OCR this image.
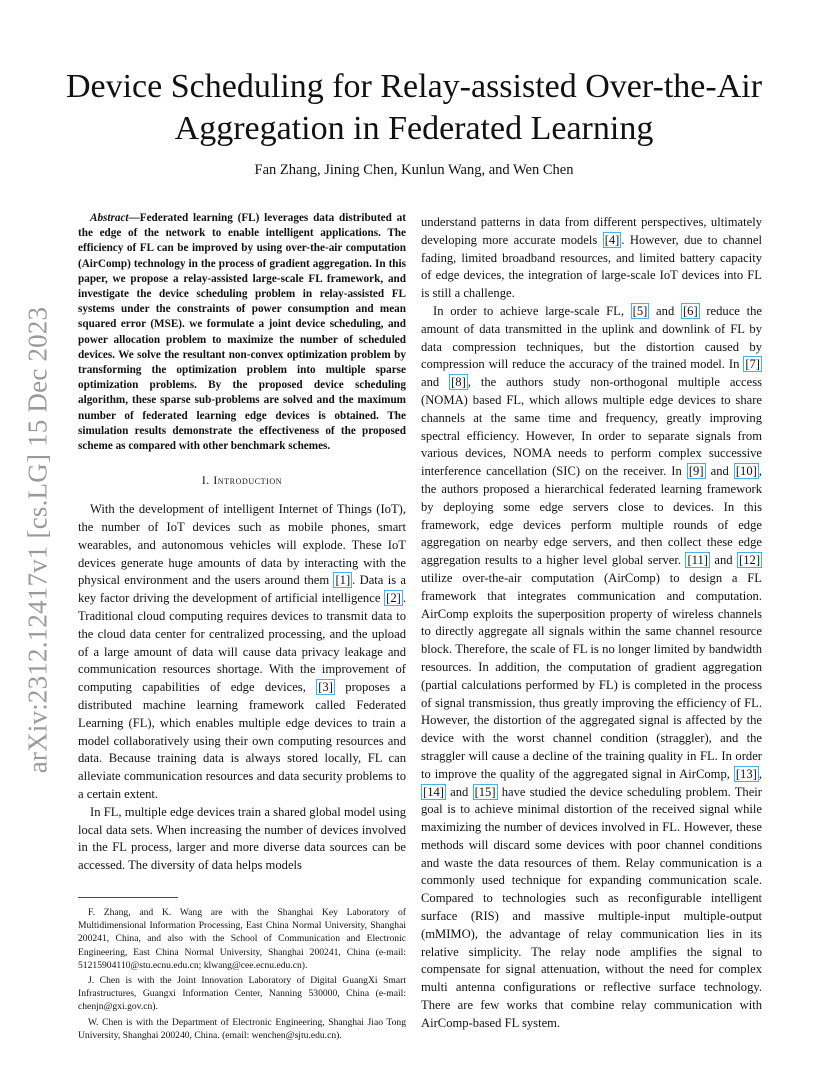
arXiv:2312.12417v1 [cs.LG] 15 Dec 2023
Device Scheduling for Relay-assisted Over-the-Air
Aggregation in Federated Learning
Fan Zhang, Jining Chen, Kunlun Wang, and Wen Chen

Abstract—Federated learning (FL) leverages data distributed at the edge of the network to enable intelligent applications. The efficiency of FL can be improved by using over-the-air computation (AirComp) technology in the process of gradient aggregation. In this paper, we propose a relay-assisted large-scale FL framework, and investigate the device scheduling problem in relay-assisted FL systems under the constraints of power consumption and mean squared error (MSE). we formulate a joint device scheduling, and power allocation problem to maximize the number of scheduled devices. We solve the resultant non-convex optimization problem by transforming the optimization problem into multiple sparse optimization problems. By the proposed device scheduling algorithm, these sparse sub-problems are solved and the maximum number of federated learning edge devices is obtained. The simulation results demonstrate the effectiveness of the proposed scheme as compared with other benchmark schemes.

I. Introduction

With the development of intelligent Internet of Things (IoT), the number of IoT devices such as mobile phones, smart wearables, and autonomous vehicles will explode. These IoT devices generate huge amounts of data by interacting with the physical environment and the users around them [1] . Data is a key factor driving the development of artificial intelligence [2] . Traditional cloud computing requires devices to transmit data to the cloud data center for centralized processing, and the upload of a large amount of data will cause data privacy leakage and communication resources shortage. With the improvement of computing capabilities of edge devices, [3] proposes a distributed machine learning framework called Federated Learning (FL), which enables multiple edge devices to train a model collaboratively using their own computing resources and data. Because training data is always stored locally, FL can alleviate communication resources and data security problems to a certain extent.

In FL, multiple edge devices train a shared global model using local data sets. When increasing the number of devices involved in the FL process, larger and more diverse data sources can be accessed. The diversity of data helps models

F. Zhang, and K. Wang are with the Shanghai Key Laboratory of Multidimensional Information Processing, East China Normal University, Shanghai 200241, China, and also with the School of Communication and Electronic Engineering, East China Normal University, Shanghai 200241, China (e-mail: 51215904110@stu.ecnu.edu.cn; klwang@cee.ecnu.edu.cn).

J. Chen is with the Joint Innovation Laboratory of Digital GuangXi Smart Infrastructures, Guangxi Information Center, Nanning 530000, China (e-mail: chenjn@gxi.gov.cn).

W. Chen is with the Department of Electronic Engineering, Shanghai Jiao Tong University, Shanghai 200240, China. (email: wenchen@sjtu.edu.cn).

understand patterns in data from different perspectives, ultimately developing more accurate models [4] . However, due to channel fading, limited broadband resources, and limited battery capacity of edge devices, the integration of large-scale IoT devices into FL is still a challenge.

In order to achieve large-scale FL, [5] and [6] reduce the amount of data transmitted in the uplink and downlink of FL by data compression techniques, but the distortion caused by compression will reduce the accuracy of the trained model. In [7] and [8] , the authors study non-orthogonal multiple access (NOMA) based FL, which allows multiple edge devices to share channels at the same time and frequency, greatly improving spectral efficiency. However, In order to separate signals from various devices, NOMA needs to perform complex successive interference cancellation (SIC) on the receiver. In [9] and [10] , the authors proposed a hierarchical federated learning framework by deploying some edge servers close to devices. In this framework, edge devices perform multiple rounds of edge aggregation on nearby edge servers, and then collect these edge aggregation results to a higher level global server. [11] and [12] utilize over-the-air computation (AirComp) to design a FL framework that integrates communication and computation. AirComp exploits the superposition property of wireless channels to directly aggregate all signals within the same channel resource block. Therefore, the scale of FL is no longer limited by bandwidth resources. In addition, the computation of gradient aggregation (partial calculations performed by FL) is completed in the process of signal transmission, thus greatly improving the efficiency of FL. However, the distortion of the aggregated signal is affected by the device with the worst channel condition (straggler), and the straggler will cause a decline of the training quality in FL. In order to improve the quality of the aggregated signal in AirComp, [13] , [14] and [15] have studied the device scheduling problem. Their goal is to achieve minimal distortion of the received signal while maximizing the number of devices involved in FL. However, these methods will discard some devices with poor channel conditions and waste the data resources of them. Relay communication is a commonly used technique for expanding communication scale. Compared to technologies such as reconfigurable intelligent surface (RIS) and massive multiple-input multiple-output (mMIMO), the advantage of relay communication lies in its relative simplicity. The relay node amplifies the signal to compensate for signal attenuation, without the need for complex multi antenna configurations or reflective surface technology. There are few works that combine relay communication with AirComp-based FL system.
